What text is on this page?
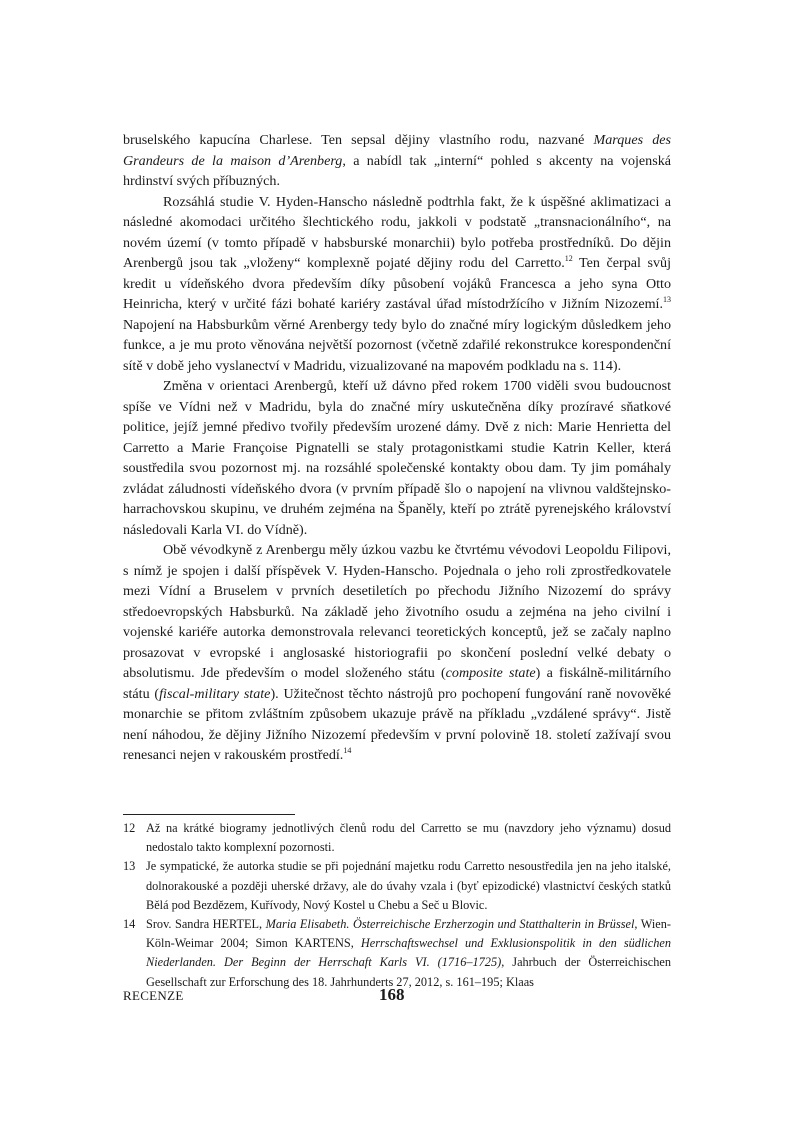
bruselského kapucína Charlese. Ten sepsal dějiny vlastního rodu, nazvané Marques des Grandeurs de la maison d’Arenberg, a nabídl tak „interní“ pohled s akcenty na vojenská hrdinství svých příbuzných.

Rozsáhlá studie V. Hyden-Hanscho následně podtrhla fakt, že k úspěšné aklimatizaci a následné akomodaci určitého šlechtického rodu, jakkoli v podstatě „transnacionálního“, na novém území (v tomto případě v habsburské monarchii) bylo potřeba prostředníků. Do dějin Arenbergů jsou tak „vloženy“ komplexně pojaté dějiny rodu del Carretto.$^{12}$ Ten čerpal svůj kredit u vídeňského dvora především díky působení vojáků Francesca a jeho syna Otto Heinricha, který v určité fázi bohaté kariéry zastával úřad místodržícího v Jižním Nizozemí.$^{13}$ Napojení na Habsburkům věrné Arenbergy tedy bylo do značné míry logickým důsledkem jeho funkce, a je mu proto věnována největší pozornost (včetně zdařilé rekonstrukce korespondenční sítě v době jeho vyslanectví v Madridu, vizualizované na mapovém podkladu na s. 114).

Změna v orientaci Arenbergů, kteří už dávno před rokem 1700 viděli svou budoucnost spíše ve Vídni než v Madridu, byla do značné míry uskutečněna díky prozíravé sňatkové politice, jejíž jemné předivo tvořily především urozené dámy. Dvě z nich: Marie Henrietta del Carretto a Marie Françoise Pignatelli se staly protagonistkami studie Katrin Keller, která soustředila svou pozornost mj. na rozsáhlé společenské kontakty obou dam. Ty jim pomáhaly zvládat záludnosti vídeňského dvora (v prvním případě šlo o napojení na vlivnou valdštejnsko-harrachovskou skupinu, ve druhém zejména na Španěly, kteří po ztrátě pyrenejského království následovali Karla VI. do Vídně).

Obě vévodkyně z Arenbergu měly úzkou vazbu ke čtvrtému vévodovi Leopoldu Filipovi, s nímž je spojen i další příspěvek V. Hyden-Hanscho. Pojednala o jeho roli zprostředkovatele mezi Vídní a Bruselem v prvních desetiletích po přechodu Jižního Nizozemí do správy středoevropských Habsburků. Na základě jeho životního osudu a zejména na jeho civilní i vojenské kariéře autorka demonstrovala relevanci teoretických konceptů, jež se začaly naplno prosazovat v evropské i anglosaské historiografii po skončení poslední velké debaty o absolutismu. Jde především o model složeného státu (composite state) a fiskálně-militárního státu (fiscal-military state). Užitečnost těchto nástrojů pro pochopení fungování raně novověké monarchie se přitom zvláštním způsobem ukazuje právě na příkladu „vzdálené správy“. Jistě není náhodou, že dějiny Jižního Nizozemí především v první polovině 18. století zažívají svou renesanci nejen v rakouském prostředí.$^{14}$

12 Až na krátké biogramy jednotlivých členů rodu del Carretto se mu (navzdory jeho významu) dosud nedostalo takto komplexní pozornosti.
13 Je sympatické, že autorka studie se při pojednání majetku rodu Carretto nesoustředila jen na jeho italské, dolnorakouské a později uherské državy, ale do úvahy vzala i (byť epizodické) vlastnictví českých statků Bělá pod Bezdězem, Kuřívody, Nový Kostel u Chebu a Seč u Blovic.
14 Srov. Sandra HERTEL, Maria Elisabeth. Österreichische Erzherzogin und Statthalterin in Brüssel, Wien-Köln-Weimar 2004; Simon KARTENS, Herrschaftswechsel und Exklusionspolitik in den südlichen Niederlanden. Der Beginn der Herrschaft Karls VI. (1716–1725), Jahrbuch der Österreichischen Gesellschaft zur Erforschung des 18. Jahrhunderts 27, 2012, s. 161–195; Klaas
RECENZE	168
